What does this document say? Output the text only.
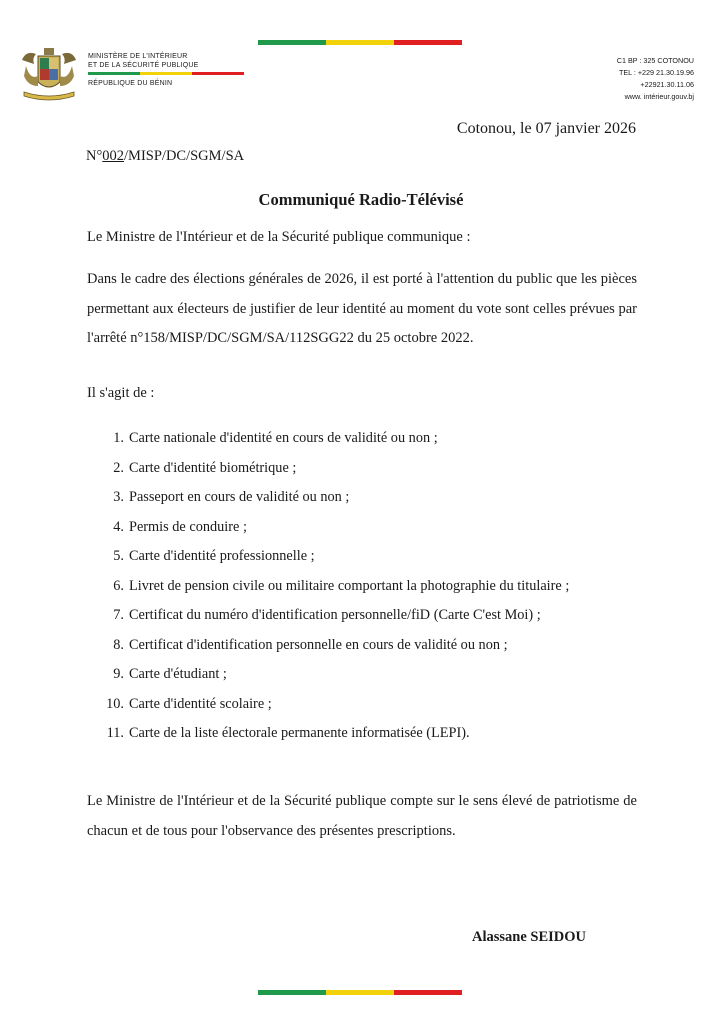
MINISTÈRE DE L'INTÉRIEUR
ET DE LA SÉCURITÉ PUBLIQUE
RÉPUBLIQUE DU BÉNIN
C1 BP : 325 COTONOU
TEL : +229 21.30.19.96
+22921.30.11.06
www. intérieur.gouv.bj
Cotonou, le 07 janvier 2026
N°002/MISP/DC/SGM/SA
Communiqué Radio-Télévisé
Le Ministre de l'Intérieur et de la Sécurité publique communique :
Dans le cadre des élections générales de 2026, il est porté à l'attention du public que les pièces permettant aux électeurs de justifier de leur identité au moment du vote sont celles prévues par l'arrêté n°158/MISP/DC/SGM/SA/112SGG22 du 25 octobre 2022.
Il s'agit de :
1. Carte nationale d'identité en cours de validité ou non ;
2. Carte d'identité biométrique ;
3. Passeport en cours de validité ou non ;
4. Permis de conduire ;
5. Carte d'identité professionnelle ;
6. Livret de pension civile ou militaire comportant la photographie du titulaire ;
7. Certificat du numéro d'identification personnelle/fiD (Carte C'est Moi) ;
8. Certificat d'identification personnelle en cours de validité ou non ;
9. Carte d'étudiant ;
10. Carte d'identité scolaire ;
11. Carte de la liste électorale permanente informatisée (LEPI).
Le Ministre de l'Intérieur et de la Sécurité publique compte sur le sens élevé de patriotisme de chacun et de tous pour l'observance des présentes prescriptions.
Alassane SEIDOU
